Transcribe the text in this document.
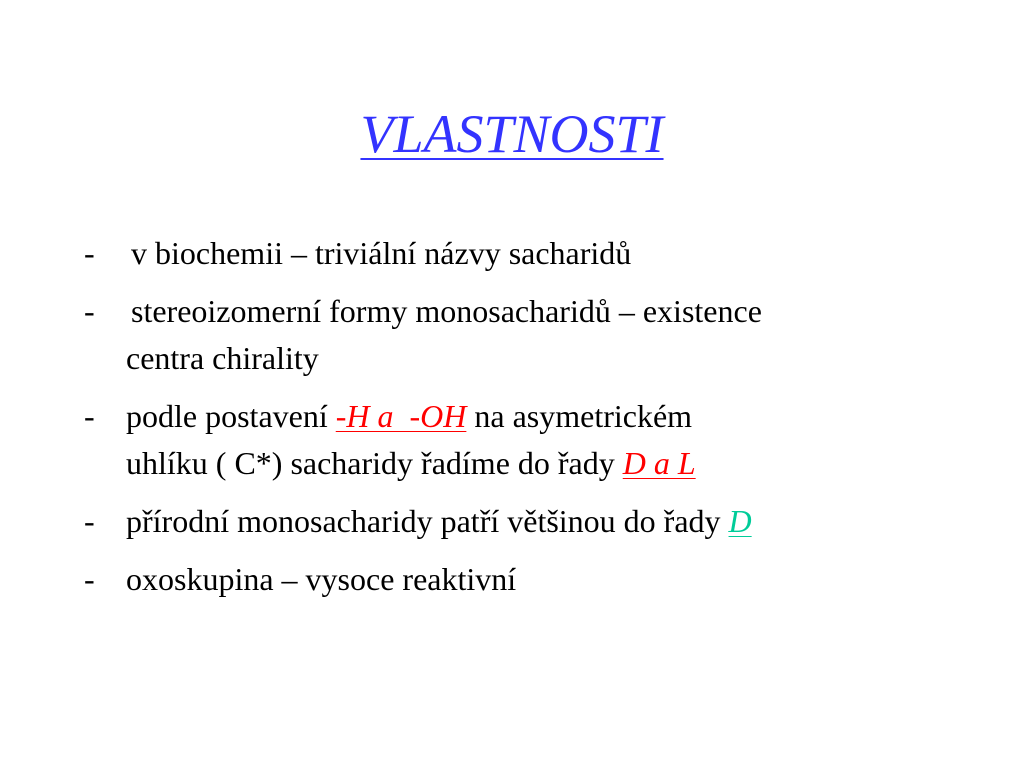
VLASTNOSTI
-	v biochemii – triviální názvy sacharidů
-	stereoizomerní formy monosacharidů – existence
centra chirality
- podle postavení -H a  -OH na asymetrickém
uhlíku ( C*) sacharidy řadíme do řady D a L
- přírodní monosacharidy patří většinou do řady D
- oxoskupina – vysoce reaktivní
